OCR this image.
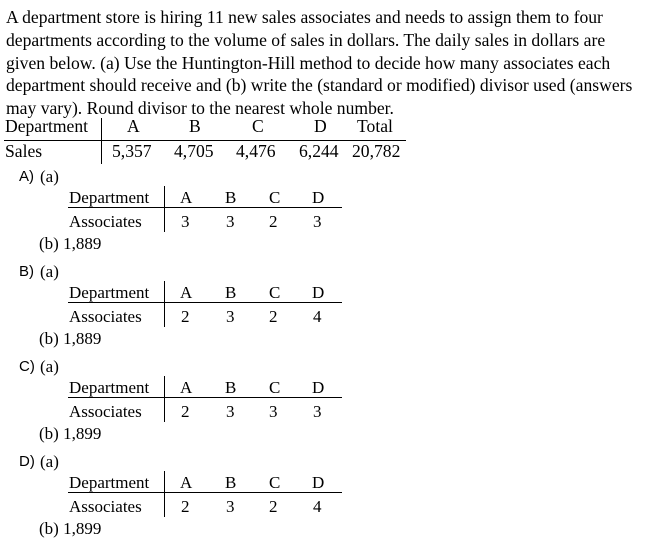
A department store is hiring 11 new sales associates and needs to assign them to four
departments according to the volume of sales in dollars. The daily sales in dollars are
given below. (a) Use the Huntington-Hill method to decide how many associates each
department should receive and (b) write the (standard or modified) divisor used (answers
may vary). Round divisor to the nearest whole number.
Department A	B	C	D Total
Sales	5,357 4,705 4,476 6,244 20,782
A) (a)
Department A B C D
Associates 3 3 2 3
(b) 1,889
B) (a)
Department A B C D
Associates 2 3 2 4
(b) 1,889
C) (a)
Department A B C D
Associates 2 3 3 3
(b) 1,899
D) (a)
Department A B C D
Associates 2 3 2 4
(b) 1,899
